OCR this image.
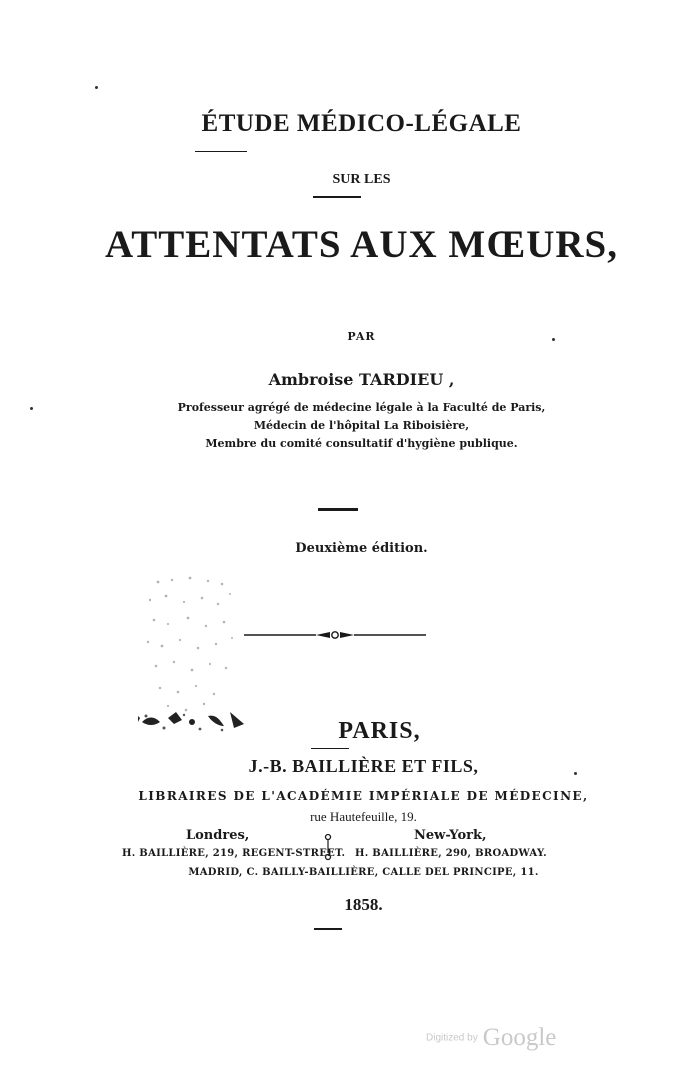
ÉTUDE MÉDICO-LÉGALE
SUR LES
ATTENTATS AUX MŒURS,
PAR
Ambroise TARDIEU ,
Professeur agrégé de médecine légale à la Faculté de Paris,
Médecin de l'hôpital La Riboisière,
Membre du comité consultatif d'hygiène publique.
Deuxième édition.
PARIS,
J.-B. BAILLIÈRE ET FILS,
LIBRAIRES DE L'ACADÉMIE IMPÉRIALE DE MÉDECINE,
rue Hautefeuille, 19.
Londres,	New-York,
H. BAILLIÈRE, 219, REGENT-STREET. H. BAILLIÈRE, 290, BROADWAY.
MADRID, C. BAILLY-BAILLIÈRE, CALLE DEL PRINCIPE, 11.
1858.
Digitized by Google
